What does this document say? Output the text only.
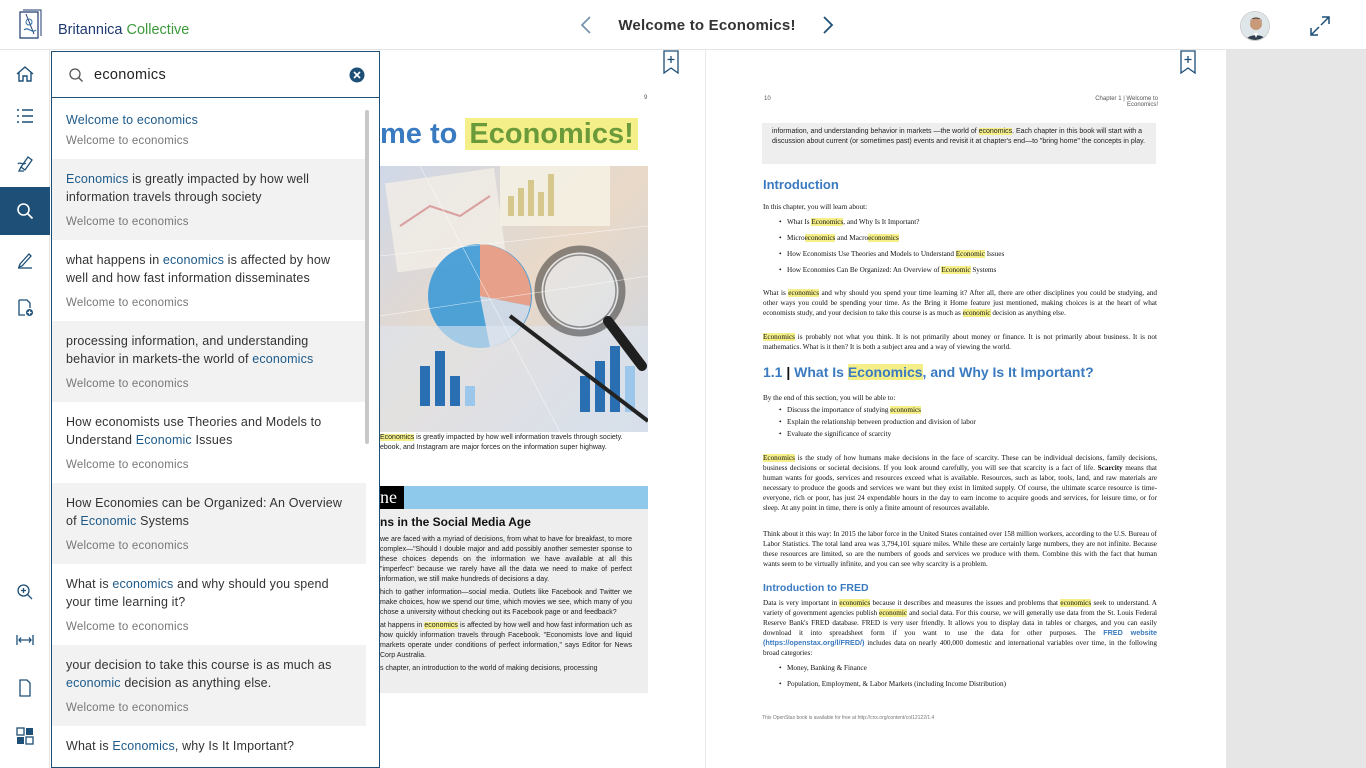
Britannica Collective	Welcome to Economics!
9
me to Economics!
Economics is greatly impacted by how well information travels through society.
ebook, and Instagram are major forces on the information super highway.
ne
ns in the Social Media Age

we are faced with a myriad of decisions, from what to have for breakfast, to more complex—"Should I double major and add possibly another semester sponse to these choices depends on the information we have available at all this "imperfect" because we rarely have all the data we need to make of perfect information, we still make hundreds of decisions a day.

hich to gather information—social media. Outlets like Facebook and Twitter we make choices, how we spend our time, which movies we see, which many of you chose a university without checking out its Facebook page or and feedback?

at happens in economics is affected by how well and how fast information uch as how quickly information travels through Facebook. "Economists love and liquid markets operate under conditions of perfect information," says Editor for News Corp Australia.

s chapter, an introduction to the world of making decisions, processing

10	Chapter 1 | Welcome to Economics!
information, and understanding behavior in markets —the world of economics. Each chapter in this book will start with a discussion about current (or sometimes past) events and revisit it at chapter's end—to "bring home" the concepts in play.
Introduction
In this chapter, you will learn about:
• What Is Economics, and Why Is It Important?
• Microeconomics and Macroeconomics
• How Economists Use Theories and Models to Understand Economic Issues
• How Economies Can Be Organized: An Overview of Economic Systems
What is economics and why should you spend your time learning it? After all, there are other disciplines you could be studying, and other ways you could be spending your time. As the Bring it Home feature just mentioned, making choices is at the heart of what economists study, and your decision to take this course is as much as economic decision as anything else.
Economics is probably not what you think. It is not primarily about money or finance. It is not primarily about business. It is not mathematics. What is it then? It is both a subject area and a way of viewing the world.
1.1 | What Is Economics, and Why Is It Important?
By the end of this section, you will be able to:
• Discuss the importance of studying economics
• Explain the relationship between production and division of labor
• Evaluate the significance of scarcity
Economics is the study of how humans make decisions in the face of scarcity. These can be individual decisions, family decisions, business decisions or societal decisions. If you look around carefully, you will see that scarcity is a fact of life. Scarcity means that human wants for goods, services and resources exceed what is available. Resources, such as labor, tools, land, and raw materials are necessary to produce the goods and services we want but they exist in limited supply. Of course, the ultimate scarce resource is time- everyone, rich or poor, has just 24 expendable hours in the day to earn income to acquire goods and services, for leisure time, or for sleep. At any point in time, there is only a finite amount of resources available.
Think about it this way: In 2015 the labor force in the United States contained over 158 million workers, according to the U.S. Bureau of Labor Statistics. The total land area was 3,794,101 square miles. While these are certainly large numbers, they are not infinite. Because these resources are limited, so are the numbers of goods and services we produce with them. Combine this with the fact that human wants seem to be virtually infinite, and you can see why scarcity is a problem.
Introduction to FRED
Data is very important in economics because it describes and measures the issues and problems that economics seek to understand. A variety of government agencies publish economic and social data. For this course, we will generally use data from the St. Louis Federal Reserve Bank's FRED database. FRED is very user friendly. It allows you to display data in tables or charges, and you can easily download it into spreadsheet form if you want to use the data for other purposes. The FRED website (https://openstax.org/l/FRED/) includes data on nearly 400,000 domestic and international variables over time, in the following broad categories:
• Money, Banking & Finance
• Population, Employment, & Labor Markets (including Income Distribution)
This OpenStax book is available for free at http://cnx.org/content/col12122/1.4
economics
Welcome to economics
Welcome to economics
Economics is greatly impacted by how well information travels through society
Welcome to economics
what happens in economics is affected by how well and how fast information disseminates
Welcome to economics
processing information, and understanding behavior in markets-the world of economics
Welcome to economics
How economists use Theories and Models to Understand Economic Issues
Welcome to economics
How Economies can be Organized: An Overview of Economic Systems
Welcome to economics
What is economics and why should you spend your time learning it?
Welcome to economics
your decision to take this course is as much as economic decision as anything else.
Welcome to economics
What is Economics, why Is It Important?
